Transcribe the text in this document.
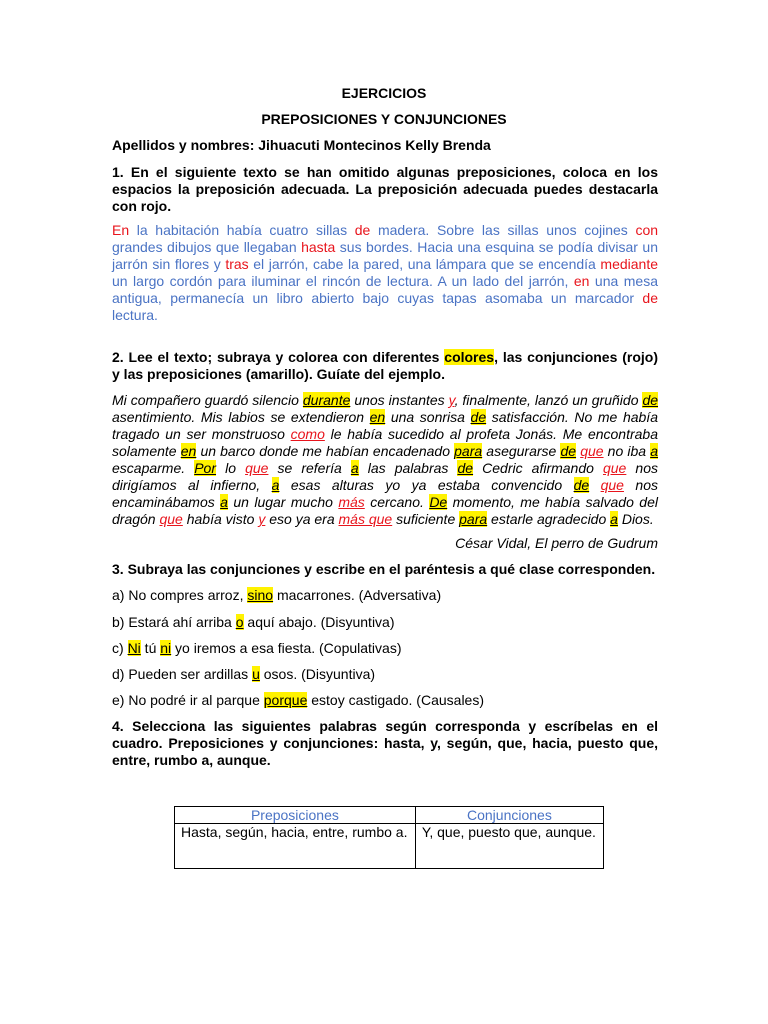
EJERCICIOS
PREPOSICIONES Y CONJUNCIONES
Apellidos y nombres: Jihuacuti Montecinos Kelly Brenda
1. En el siguiente texto se han omitido algunas preposiciones, coloca en los espacios la preposición adecuada. La preposición adecuada puedes destacarla con rojo.
En la habitación había cuatro sillas de madera. Sobre las sillas unos cojines con grandes dibujos que llegaban hasta sus bordes. Hacia una esquina se podía divisar un jarrón sin flores y tras el jarrón, cabe la pared, una lámpara que se encendía mediante un largo cordón para iluminar el rincón de lectura. A un lado del jarrón, en una mesa antigua, permanecía un libro abierto bajo cuyas tapas asomaba un marcador de lectura.
2. Lee el texto; subraya y colorea con diferentes colores, las conjunciones (rojo) y las preposiciones (amarillo). Guíate del ejemplo.
Mi compañero guardó silencio durante unos instantes y, finalmente, lanzó un gruñido de asentimiento. Mis labios se extendieron en una sonrisa de satisfacción. No me había tragado un ser monstruoso como le había sucedido al profeta Jonás. Me encontraba solamente en un barco donde me habían encadenado para asegurarse de que no iba a escaparme. Por lo que se refería a las palabras de Cedric afirmando que nos dirigíamos al infierno, a esas alturas yo ya estaba convencido de que nos encaminábamos a un lugar mucho más cercano. De momento, me había salvado del dragón que había visto y eso ya era más que suficiente para estarle agradecido a Dios.
César Vidal, El perro de Gudrum
3. Subraya las conjunciones y escribe en el paréntesis a qué clase corresponden.
a) No compres arroz, sino macarrones. (Adversativa)
b) Estará ahí arriba o aquí abajo. (Disyuntiva)
c) Ni tú ni yo iremos a esa fiesta. (Copulativas)
d) Pueden ser ardillas u osos. (Disyuntiva)
e) No podré ir al parque porque estoy castigado. (Causales)
4. Selecciona las siguientes palabras según corresponda y escríbelas en el cuadro. Preposiciones y conjunciones: hasta, y, según, que, hacia, puesto que, entre, rumbo a, aunque.
Preposiciones	Conjunciones
Hasta, según, hacia, entre, rumbo a.	Y, que, puesto que, aunque.
